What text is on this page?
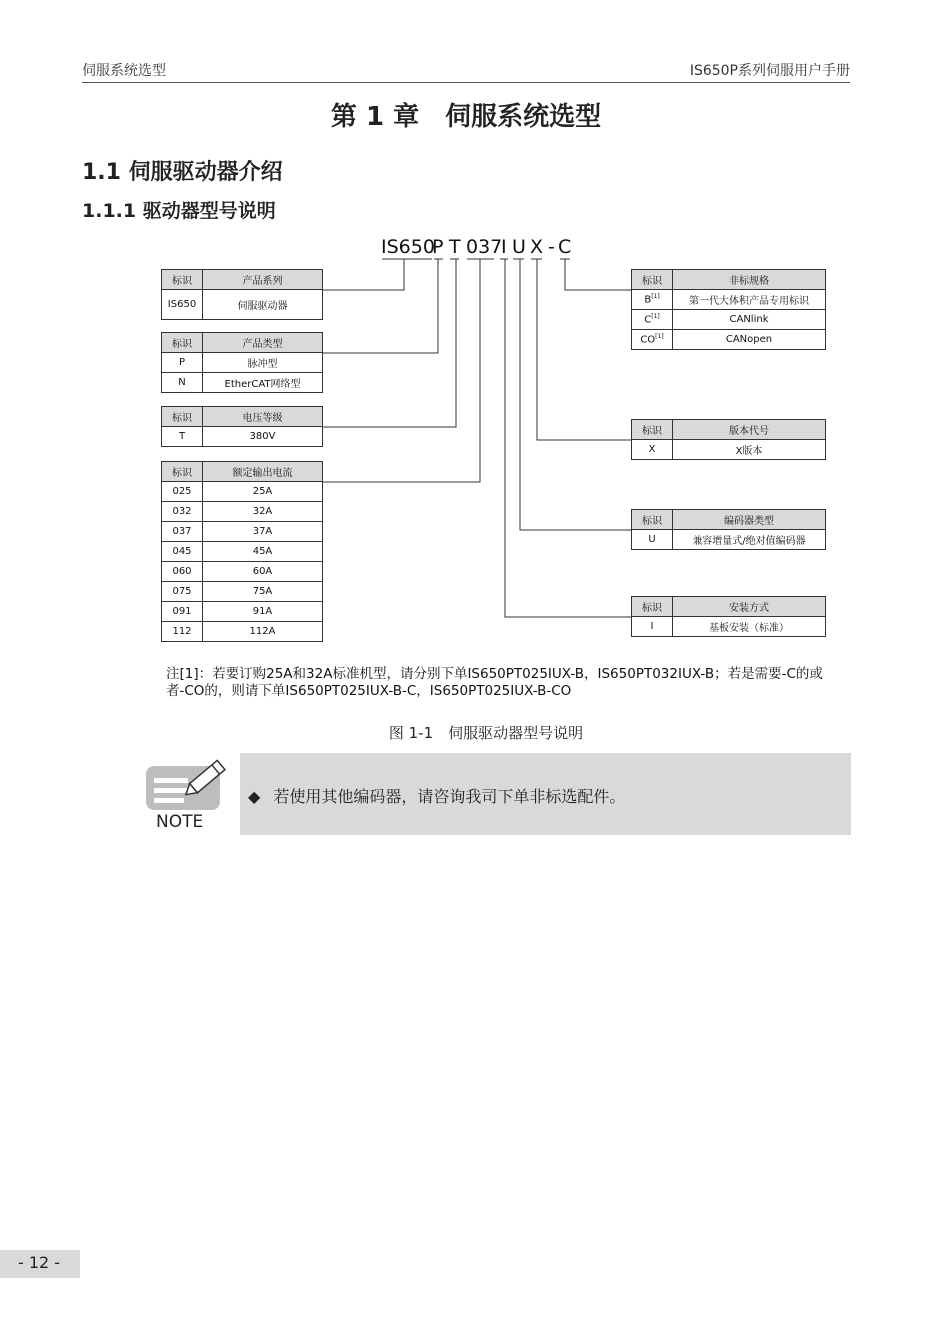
伺服系统选型	IS650P系列伺服用户手册
第 1 章　伺服系统选型
1.1 伺服驱动器介绍
1.1.1 驱动器型号说明
IS650
P T 037
I U X - C
标识	产品系列
IS650	伺服驱动器
标识	产品类型
P	脉冲型
N	EtherCAT网络型
标识	电压等级
T	380V
标识	额定输出电流
025	25A
032	32A
037	37A
045	45A
060	60A
075	75A
091	91A
112	112A
标识	非标规格
B[1]	第一代大体积产品专用标识
C[1]	CANlink
CO[1]	CANopen
标识	版本代号
X	X版本
标识	编码器类型
U	兼容增量式/绝对值编码器
标识	安装方式
I	基板安装（标准）
注[1]：若要订购25A和32A标准机型，请分别下单IS650PT025IUX-B，IS650PT032IUX-B；若是需要-C的或者-CO的，则请下单IS650PT025IUX-B-C，IS650PT025IUX-B-CO
图 1-1　伺服驱动器型号说明
NOTE
◆ 若使用其他编码器，请咨询我司下单非标选配件。
- 12 -
